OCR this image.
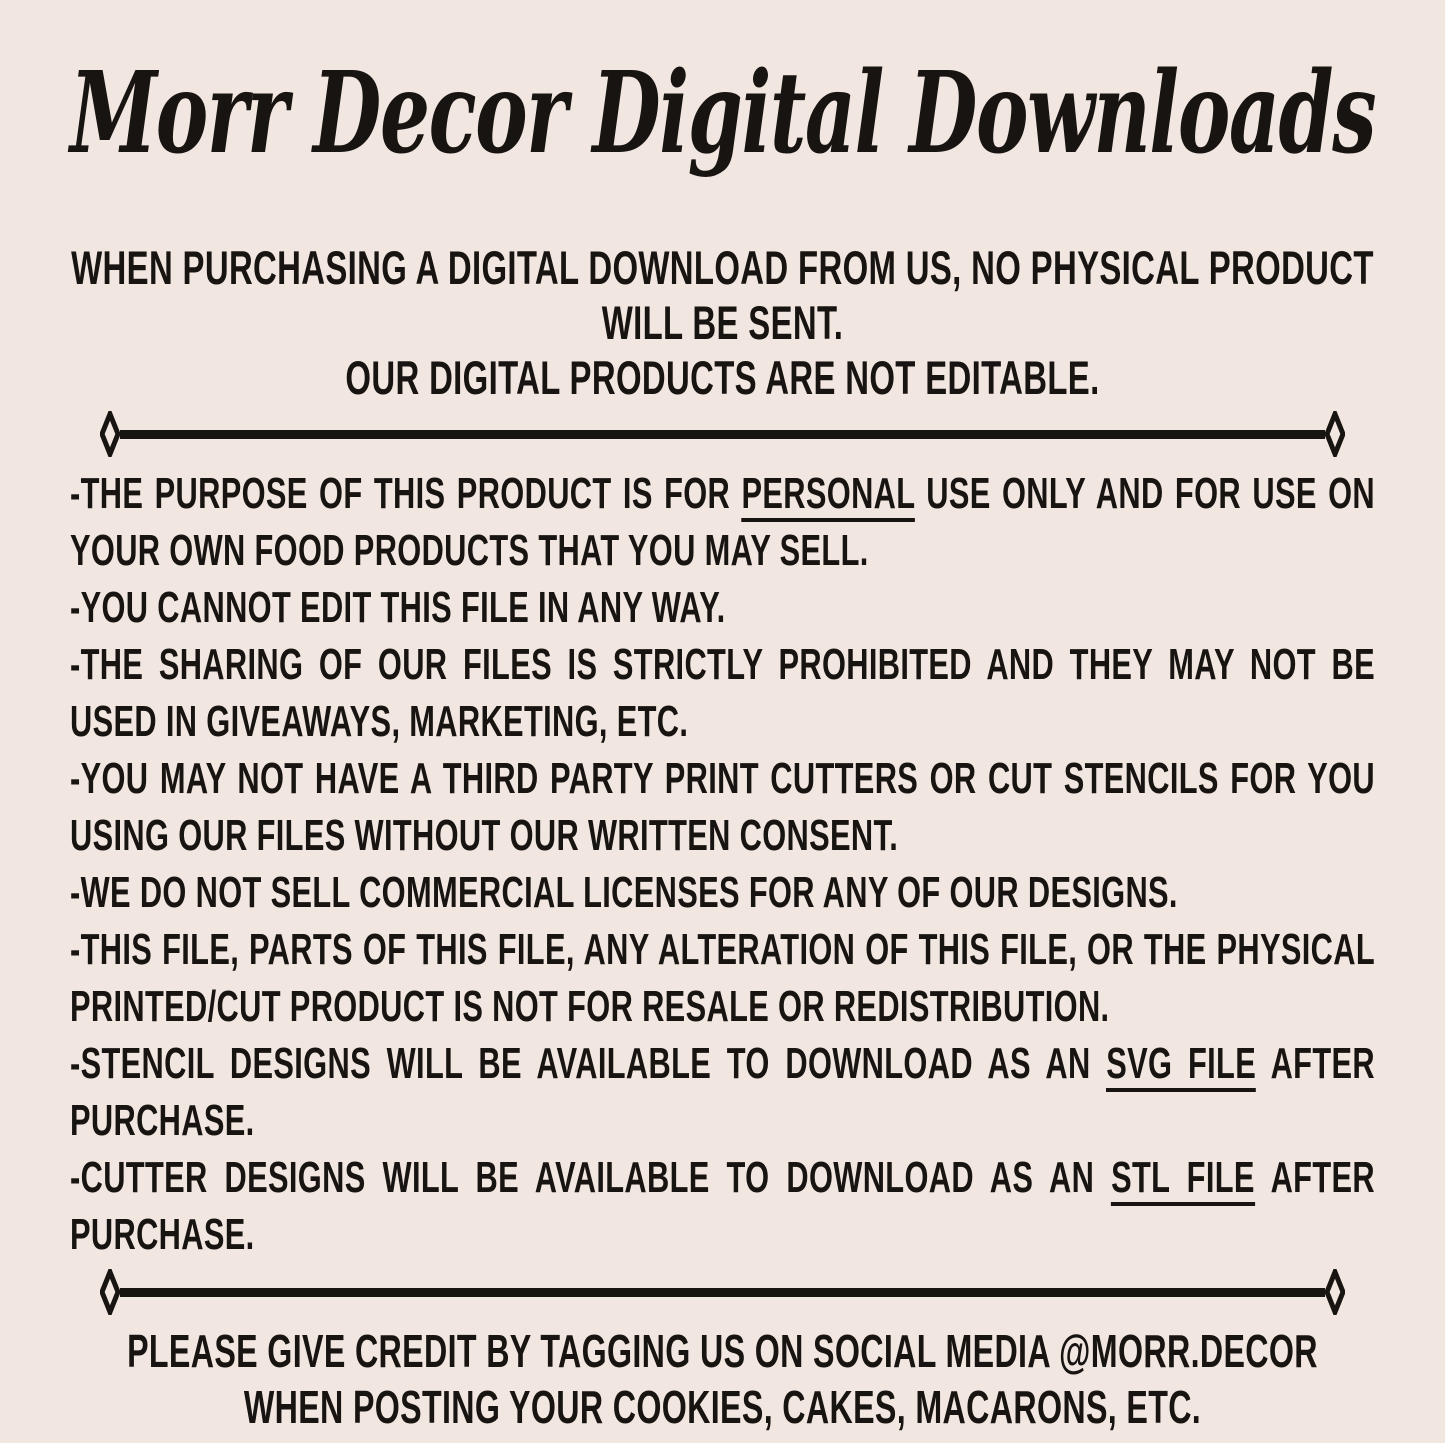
Morr Decor Digital Downloads
WHEN PURCHASING A DIGITAL DOWNLOAD FROM US, NO PHYSICAL PRODUCT WILL BE SENT.
OUR DIGITAL PRODUCTS ARE NOT EDITABLE.

-THE PURPOSE OF THIS PRODUCT IS FOR PERSONAL USE ONLY AND FOR USE ON YOUR OWN FOOD PRODUCTS THAT YOU MAY SELL.

-YOU CANNOT EDIT THIS FILE IN ANY WAY.

-THE SHARING OF OUR FILES IS STRICTLY PROHIBITED AND THEY MAY NOT BE USED IN GIVEAWAYS, MARKETING, ETC.

-YOU MAY NOT HAVE A THIRD PARTY PRINT CUTTERS OR CUT STENCILS FOR YOU USING OUR FILES WITHOUT OUR WRITTEN CONSENT.

-WE DO NOT SELL COMMERCIAL LICENSES FOR ANY OF OUR DESIGNS.

-THIS FILE, PARTS OF THIS FILE, ANY ALTERATION OF THIS FILE, OR THE PHYSICAL PRINTED/CUT PRODUCT IS NOT FOR RESALE OR REDISTRIBUTION.

-STENCIL DESIGNS WILL BE AVAILABLE TO DOWNLOAD AS AN SVG FILE AFTER PURCHASE.

-CUTTER DESIGNS WILL BE AVAILABLE TO DOWNLOAD AS AN STL FILE AFTER PURCHASE.

PLEASE GIVE CREDIT BY TAGGING US ON SOCIAL MEDIA @MORR.DECOR
WHEN POSTING YOUR COOKIES, CAKES, MACARONS, ETC.
